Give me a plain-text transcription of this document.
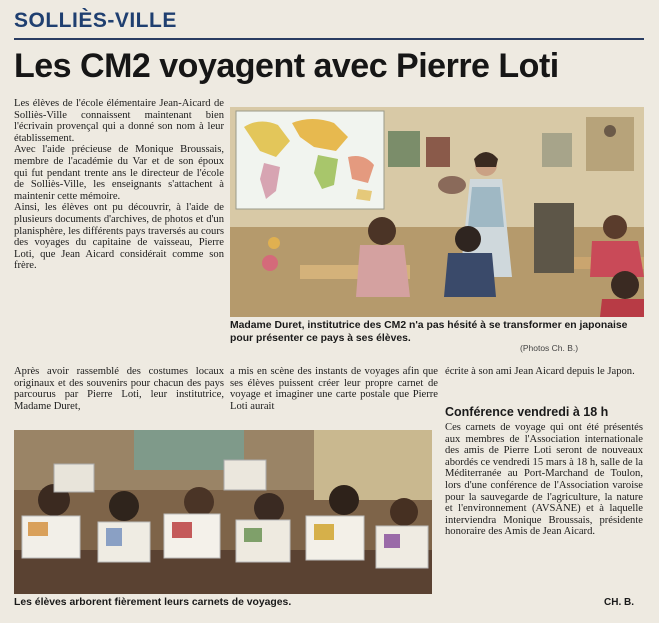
SOLLIÈS-VILLE
Les CM2 voyagent avec Pierre Loti

Les élèves de l'école élémentaire Jean-Aicard de Solliès-Ville connaissent maintenant bien l'écrivain provençal qui a donné son nom à leur établissement.

Avec l'aide précieuse de Monique Broussais, membre de l'académie du Var et de son époux qui fut pendant trente ans le directeur de l'école de Solliès-Ville, les enseignants s'attachent à maintenir cette mémoire.

Ainsi, les élèves ont pu découvrir, à l'aide de plusieurs documents d'archives, de photos et d'un planisphère, les différents pays traversés au cours des voyages du capitaine de vaisseau, Pierre Loti, que Jean Aicard considérait comme son frère.

Madame Duret, institutrice des CM2 n'a pas hésité à se transformer en japonaise pour présenter ce pays à ses élèves.
(Photos Ch. B.)
Après avoir rassemblé des costumes locaux originaux et des souvenirs pour chacun des pays parcourus par Pierre Loti, leur institutrice, Madame Duret,
a mis en scène des instants de voyages afin que ses élèves puissent créer leur propre carnet de voyage et imaginer une carte postale que Pierre Loti aurait
écrite à son ami Jean Aicard depuis le Japon.
Conférence vendredi à 18 h
Ces carnets de voyage qui ont été présentés aux membres de l'Association internationale des amis de Pierre Loti seront de nouveaux abordés ce vendredi 15 mars à 18 h, salle de la Méditerranée au Port-Marchand de Toulon, lors d'une conférence de l'Association varoise pour la sauvegarde de l'agriculture, la nature et l'environnement (AVSANE) et à laquelle interviendra Monique Broussais, présidente honoraire des Amis de Jean Aicard.
Les élèves arborent fièrement leurs carnets de voyages.	CH. B.
